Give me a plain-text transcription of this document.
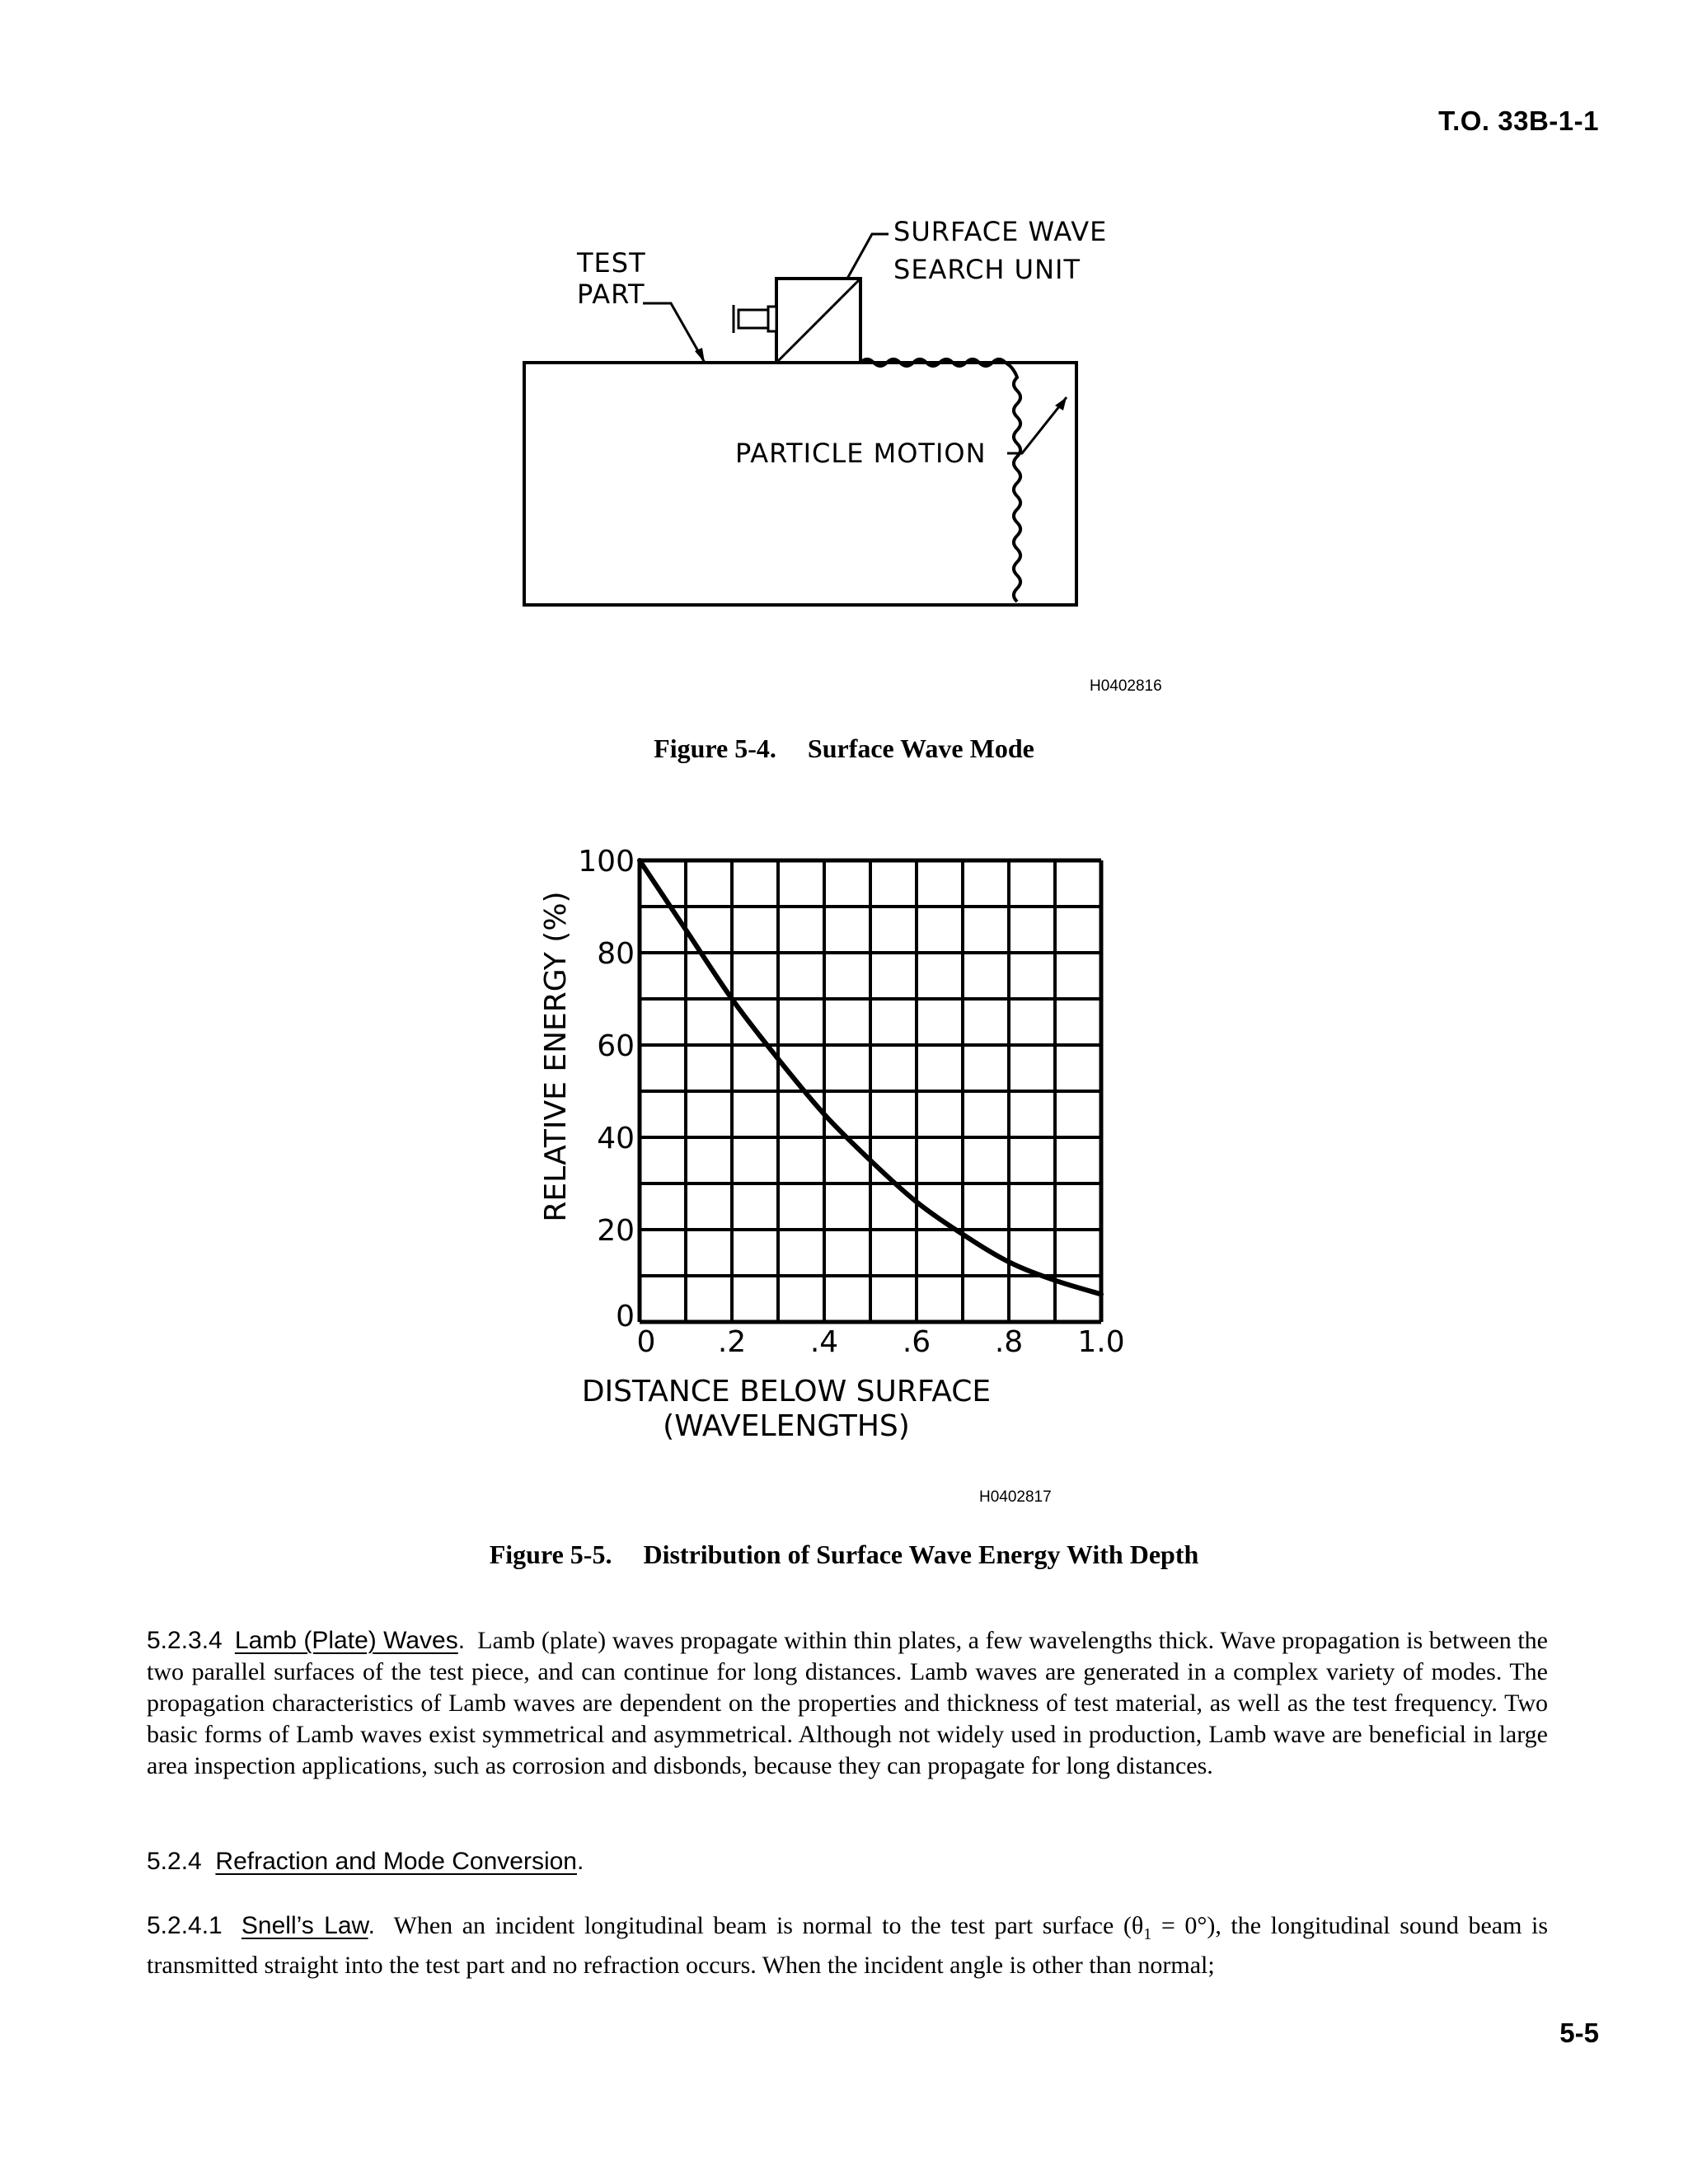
T.O. 33B-1-1
TEST
PART
SURFACE WAVE
SEARCH UNIT
PARTICLE MOTION
H0402816
Figure 5-4. Surface Wave Mode
0 .2 .4 .6 .8 1.0
0
20
40
60
80
100
DISTANCE BELOW SURFACE
(WAVELENGTHS)
RELATIVE ENERGY (%)
H0402817
Figure 5-5. Distribution of Surface Wave Energy With Depth
5.2.3.4 Lamb (Plate) Waves. Lamb (plate) waves propagate within thin plates, a few wavelengths thick. Wave propagation is between the two parallel surfaces of the test piece, and can continue for long distances. Lamb waves are generated in a complex variety of modes. The propagation characteristics of Lamb waves are dependent on the properties and thickness of test material, as well as the test frequency. Two basic forms of Lamb waves exist symmetrical and asymmetrical. Although not widely used in production, Lamb wave are beneficial in large area inspection applications, such as corrosion and disbonds, because they can propagate for long distances.
5.2.4 Refraction and Mode Conversion.
5.2.4.1 Snell’s Law. When an incident longitudinal beam is normal to the test part surface $(\theta_1 = 0^\circ)$, the longitudinal sound beam is transmitted straight into the test part and no refraction occurs. When the incident angle is other than normal;
5-5
